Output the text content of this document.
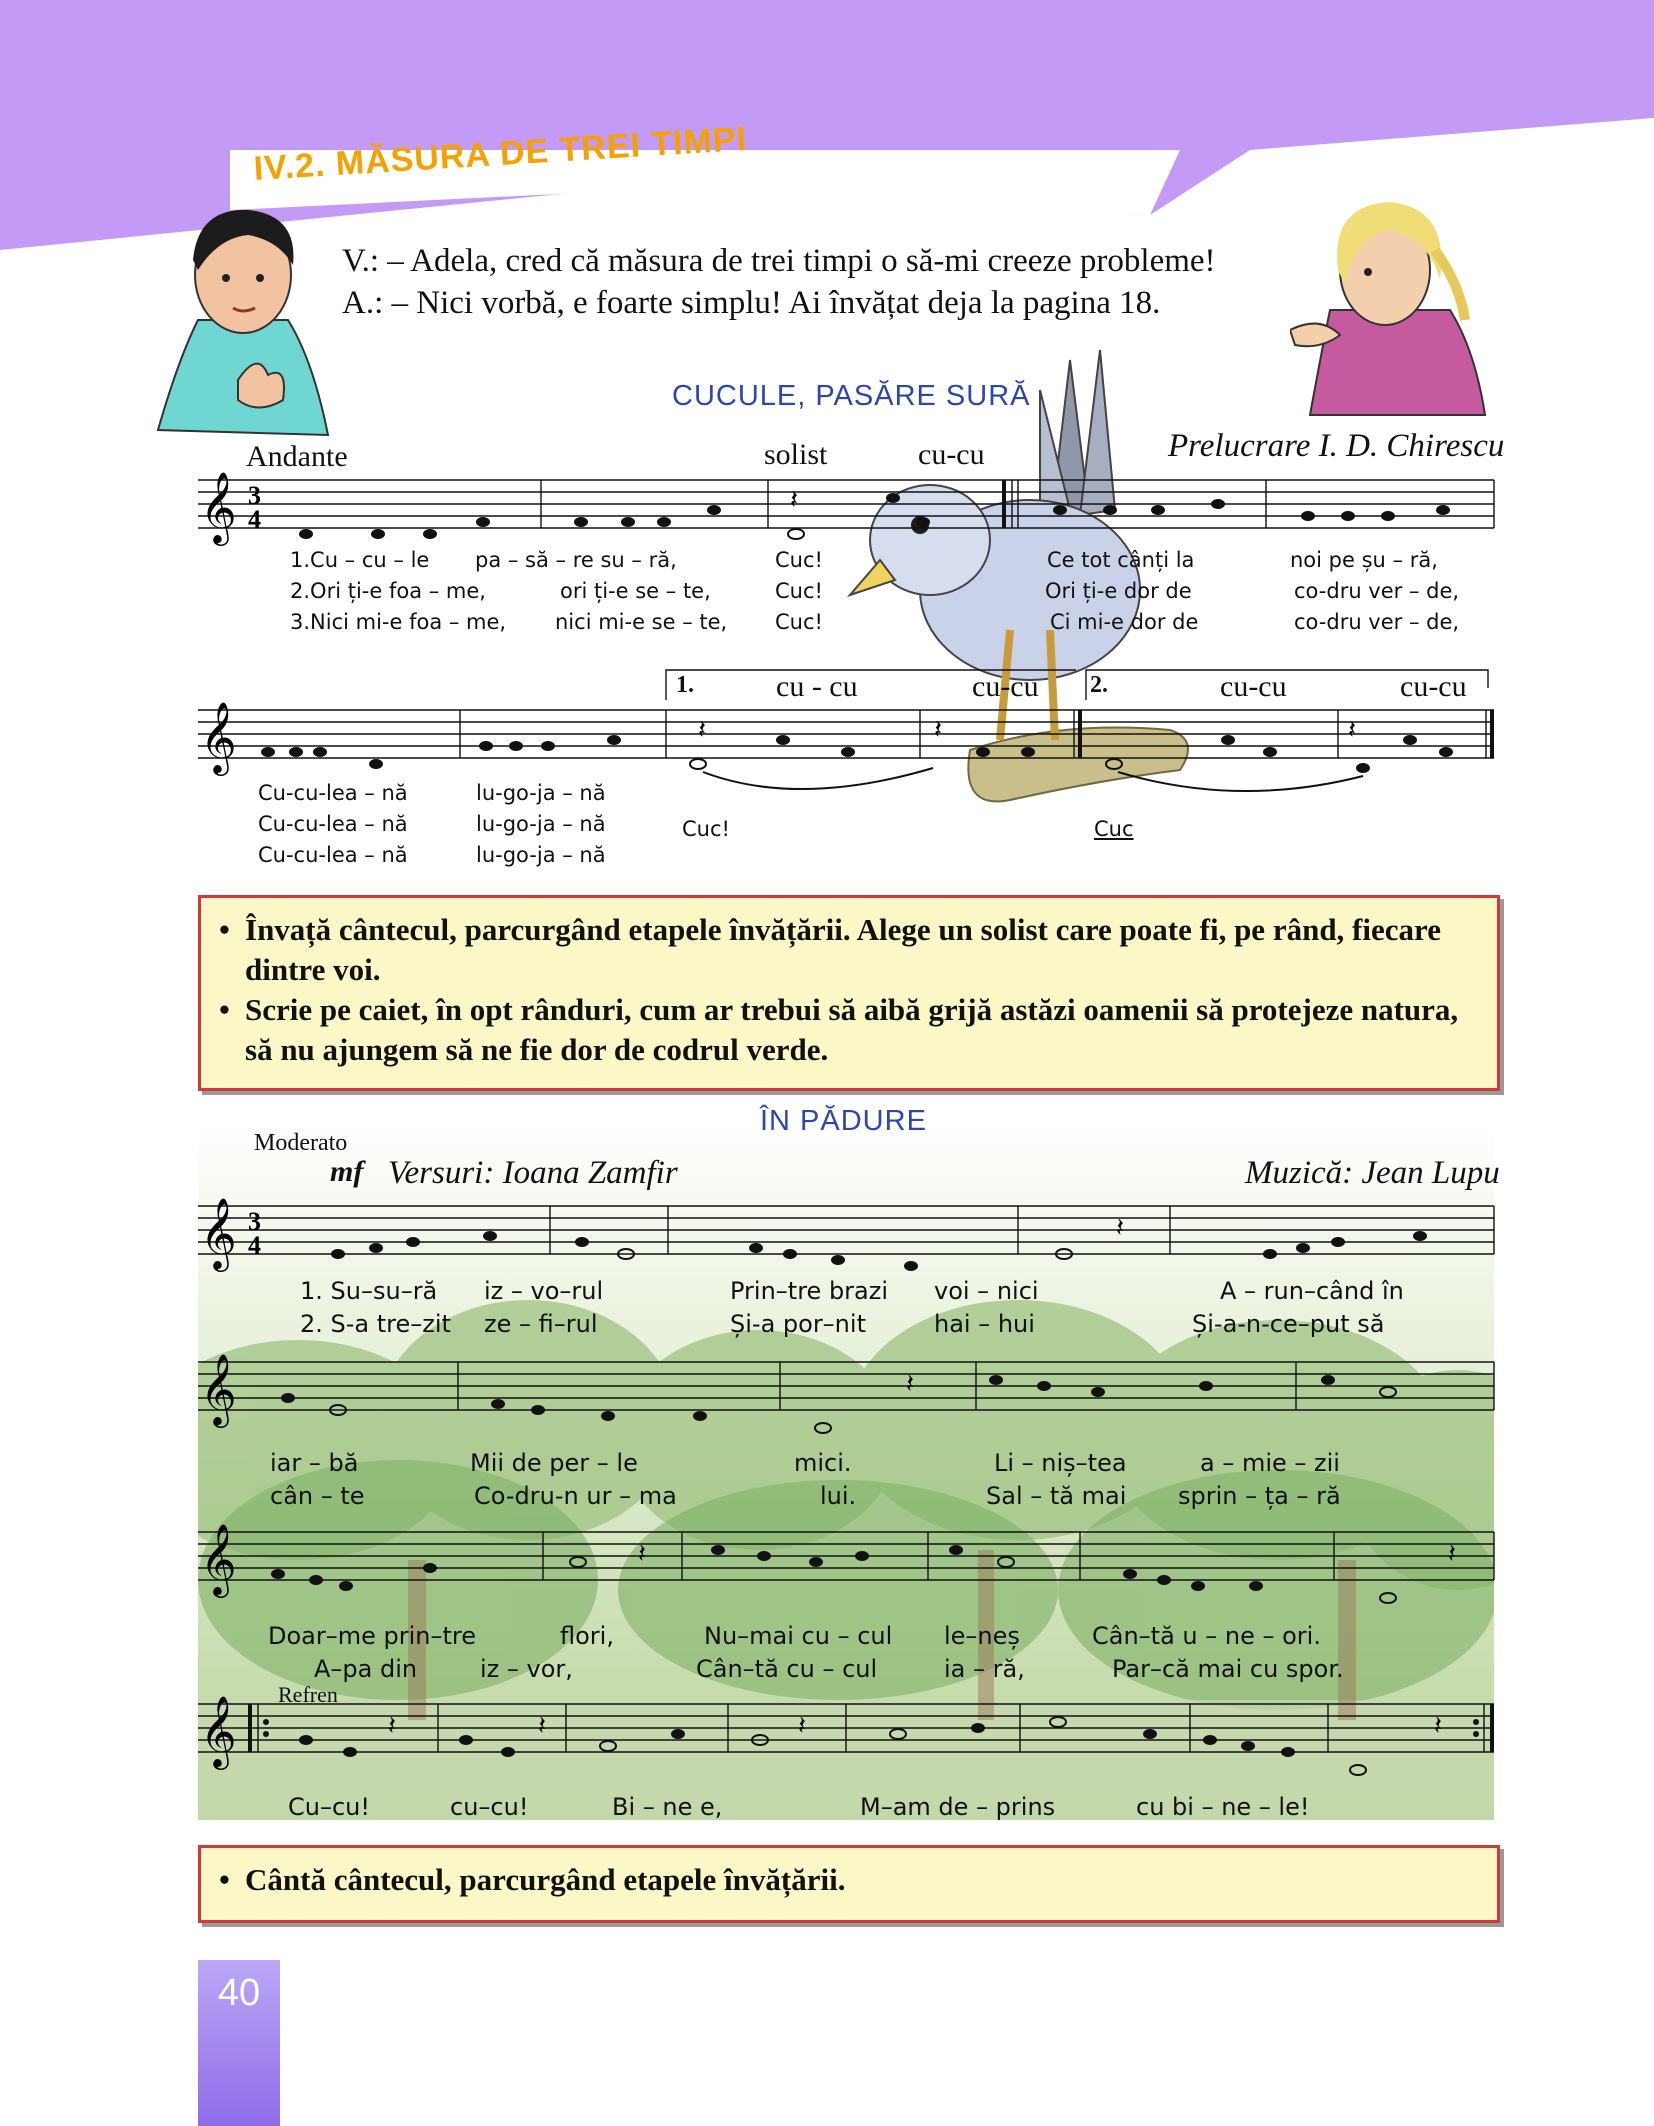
IV.2. MĂSURA DE TREI TIMPI
V.: – Adela, cred că măsura de trei timpi o să-mi creeze probleme!
A.: – Nici vorbă, e foarte simplu! Ai învățat deja la pagina 18.
CUCULE, PASĂRE SURĂ
Andante	Prelucrare I. D. Chirescu
solist	cu-cu
𝄞 3
4
𝄽
1.Cu – cu – le pa – să – re su – ră,	Cuc!	Ce tot cânți la	noi pe șu – ră,
2.Ori ți-e foa – me,	ori ți-e se – te,	Cuc!	Ori ți-e dor de	co-dru ver – de,
3.Nici mi-e foa – me, nici mi-e se – te, Cuc!	Ci mi-e dor de	co-dru ver – de,
1.	cu - cu	cu-cu 2.	cu-cu	cu-cu
𝄞	𝄽	𝄽	𝄽
Cu-cu-lea – nă	lu-go-ja – nă
Cu-cu-lea – nă	lu-go-ja – nă
Cu-cu-lea – nă	lu-go-ja – nă
Cuc!	Cuc

• Învață cântecul, parcurgând etapele învățării. Alege un solist care poate fi, pe rând, fiecare dintre voi.

• Scrie pe caiet, în opt rânduri, cum ar trebui să aibă grijă astăzi oamenii să protejeze natura, să nu ajungem să ne fie dor de codrul verde.

ÎN PĂDURE
Moderato
mf Versuri: Ioana Zamfir	Muzică: Jean Lupu
𝄞 3
4
𝄽
1. Su–su–ră iz – vo–rul	Prin–tre brazi voi – nici	A – run–când în
2. S-a tre–zit ze – fi–rul	Și-a por–nit	hai – hui	Și-a-n-ce–put să
𝄞	𝄽
iar – bă	Mii de per – le	mici.	Li – niș–tea	a – mie – zii
cân – te	Co-dru-n ur – ma	lui.	Sal – tă mai sprin – ța – ră
𝄞	𝄽	𝄽
Doar–me prin–tre	flori,	Nu–mai cu – cul le–neș	Cân–tă u – ne – ori.
A–pa din	iz – vor,	Cân–tă cu – cul	ia – ră,	Par–că mai cu spor.
Refren
𝄞	𝄽	𝄽	𝄽	𝄽
Cu–cu!	cu–cu!	Bi – ne e,	M–am de – prins	cu bi – ne – le!

• Cântă cântecul, parcurgând etapele învățării.

40
